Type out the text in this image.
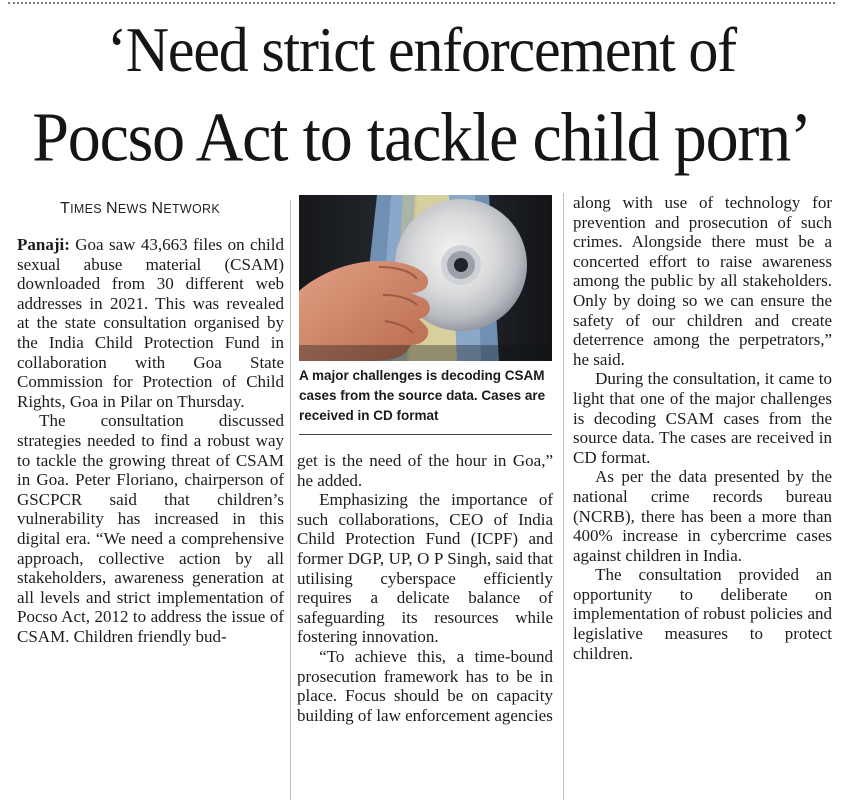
‘Need strict enforcement of
Pocso Act to tackle child porn’
TIMES NEWS NETWORK

Panaji: Goa saw 43,663 files on child sexual abuse material (CSAM) downloaded from 30 different web addresses in 2021. This was revealed at the state consultation organised by the India Child Protection Fund in collaboration with Goa State Commission for Protection of Child Rights, Goa in Pilar on Thursday.

The consultation discussed strategies needed to find a robust way to tackle the growing threat of CSAM in Goa. Peter Floriano, chairperson of GSCPCR said that children’s vulnerability has increased in this digital era. “We need a comprehensive approach, collective action by all stakeholders, awareness generation at all levels and strict implementation of Pocso Act, 2012 to address the issue of CSAM. Children friendly bud-

A major challenges is decoding CSAM cases from the source data. Cases are received in CD format

get is the need of the hour in Goa,” he added.

Emphasizing the importance of such collaborations, CEO of India Child Protection Fund (ICPF) and former DGP, UP, O P Singh, said that utilising cyberspace efficiently requires a delicate balance of safeguarding its resources while fostering innovation.

“To achieve this, a time-bound prosecution framework has to be in place. Focus should be on capacity building of law enforcement agencies

along with use of technology for prevention and prosecution of such crimes. Alongside there must be a concerted effort to raise awareness among the public by all stakeholders. Only by doing so we can ensure the safety of our children and create deterrence among the perpetrators,” he said.

During the consultation, it came to light that one of the major challenges is decoding CSAM cases from the source data. The cases are received in CD format.

As per the data presented by the national crime records bureau (NCRB), there has been a more than 400% increase in cybercrime cases against children in India.

The consultation provided an opportunity to deliberate on implementation of robust policies and legislative measures to protect children.
